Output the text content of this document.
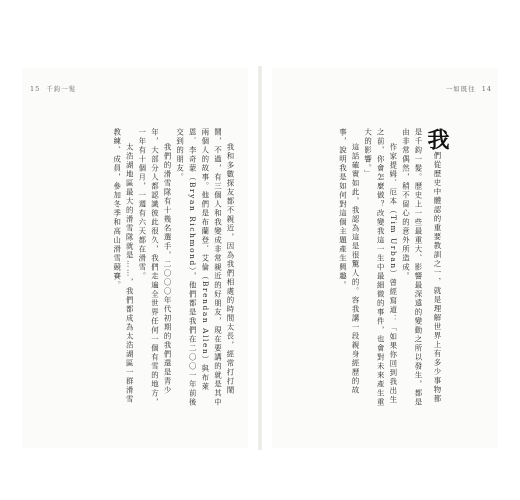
15 千鈞一髮	一如既往 14

我們從歷史中體認的重要教訓之一，就是理解世界上有多少事物都是千鈞一髮。歷史上一些最重大、影響最深遠的變動之所以發生，都是由非常偶然，稍不留心的意外所造成。

作家提姆．厄本（Tim Urban）曾經寫道：「如果你回到我出生之前，你會怎麼做？改變我這一生中最細微的事件，也會對未來產生重大的影響。」

這話確實如此，我認為這是很驚人的。容我講一段親身經歷的故事，說明我是如何對這個主題產生興趣。

我和多數探友都不親近，因為我們相處的時間太長，經常打打鬧鬧，不過，有三個人和我變成非常親近的好朋友，現在要講的就是其中兩個人的故事。他們是布蘭登．艾倫（Brendan Allen）與布萊恩．李奇蒙（Bryan Richmond），他們都是我們在二〇〇一年前後交到的朋友。

我們的滑雪隊有十幾名選手，二〇〇〇年代初期的我們還是青少年，大部分人都認識彼此很久，我們走遍全世界任何一個有雪的地方，一年有十個月，一週有六天都在滑雪。

太浩湖地區最大的滑雪隊就是……，我們都成為太浩湖區一群滑雪教練、成員，參加冬季和高山滑雪競賽。
